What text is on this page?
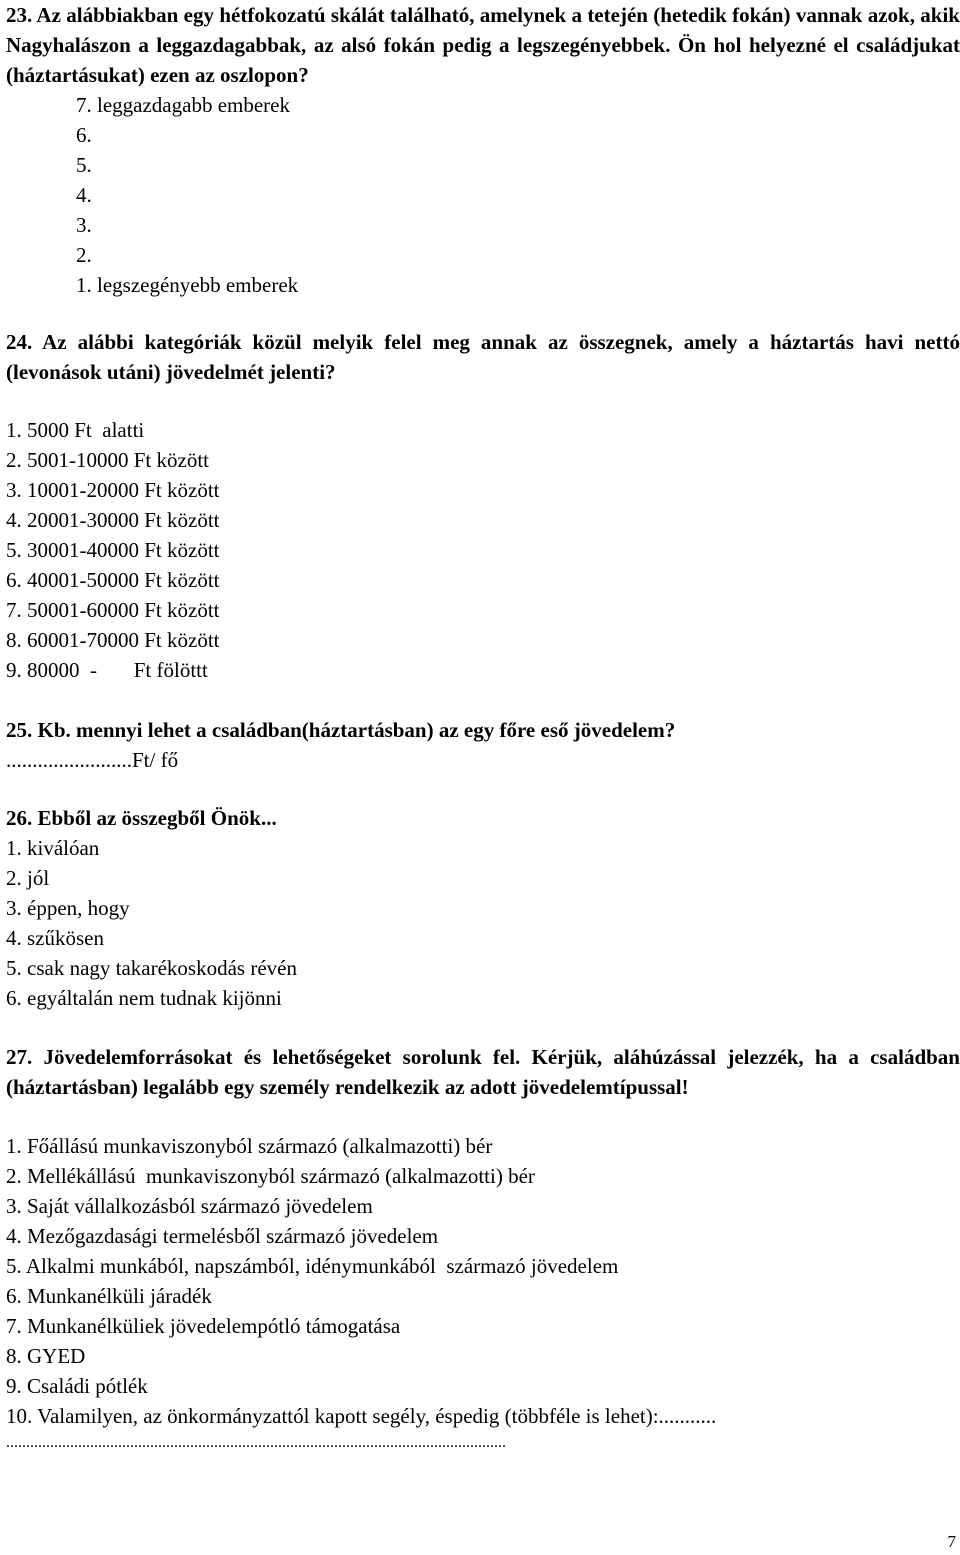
23. Az alábbiakban egy hétfokozatú skálát található, amelynek a tetején (hetedik fokán) vannak azok, akik Nagyhalászon a leggazdagabbak, az alsó fokán pedig a legszegényebbek. Ön hol helyezné el családjukat (háztartásukat) ezen az oszlopon?

7. leggazdagabb emberek

6.

5.

4.

3.

2.

1. legszegényebb emberek

24. Az alábbi kategóriák közül melyik felel meg annak az összegnek, amely a háztartás havi nettó (levonások utáni) jövedelmét jelenti?

1. 5000 Ft  alatti

2. 5001-10000 Ft között

3. 10001-20000 Ft között

4. 20001-30000 Ft között

5. 30001-40000 Ft között

6. 40001-50000 Ft között

7. 50001-60000 Ft között

8. 60001-70000 Ft között

9. 80000  -       Ft fölöttt

25. Kb. mennyi lehet a családban(háztartásban) az egy főre eső jövedelem?

........................Ft/ fő

26. Ebből az összegből Önök...

1. kiválóan

2. jól

3. éppen, hogy

4. szűkösen

5. csak nagy takarékoskodás révén

6. egyáltalán nem tudnak kijönni

27. Jövedelemforrásokat és lehetőségeket sorolunk fel. Kérjük, aláhúzással jelezzék, ha a családban (háztartásban) legalább egy személy rendelkezik az adott jövedelemtípussal!

1. Főállású munkaviszonyból származó (alkalmazotti) bér

2. Mellékállású  munkaviszonyból származó (alkalmazotti) bér

3. Saját vállalkozásból származó jövedelem

4. Mezőgazdasági termelésből származó jövedelem

5. Alkalmi munkából, napszámból, idénymunkából  származó jövedelem

6. Munkanélküli járadék

7. Munkanélküliek jövedelempótló támogatása

8. GYED

9. Családi pótlék

10. Valamilyen, az önkormányzattól kapott segély, éspedig (többféle is lehet):...........

.............................................................................................................................

7
